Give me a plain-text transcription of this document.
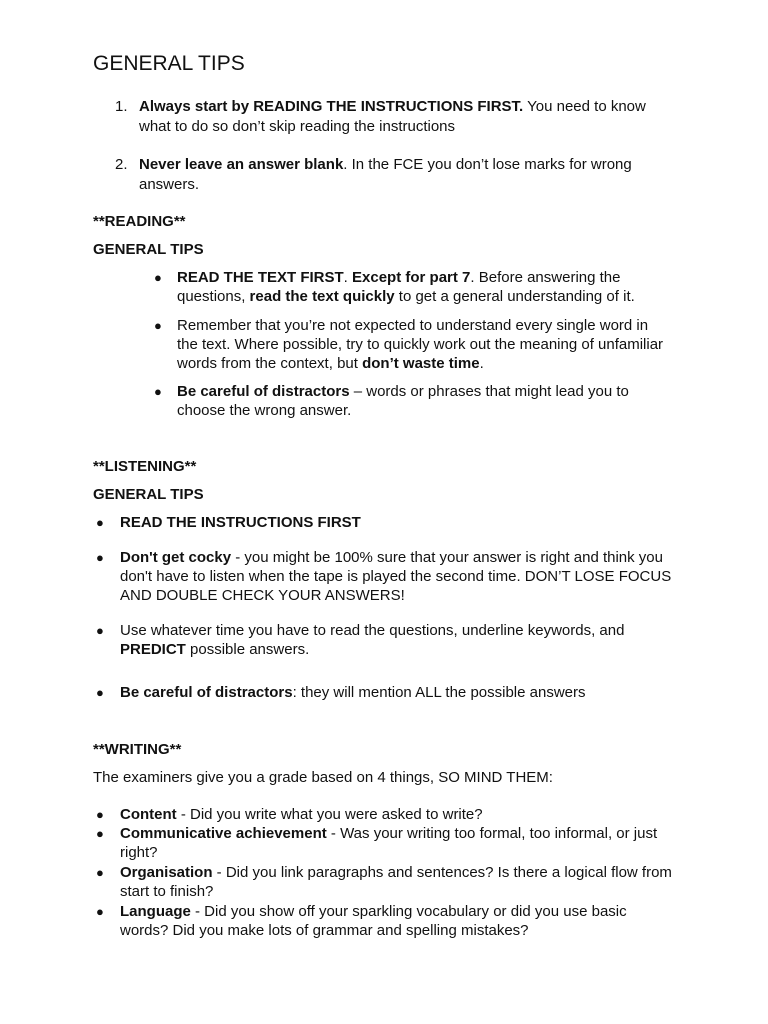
GENERAL TIPS
1. Always start by READING THE INSTRUCTIONS FIRST. You need to know what to do so don’t skip reading the instructions
2. Never leave an answer blank. In the FCE you don’t lose marks for wrong answers.
**READING**
GENERAL TIPS
● READ THE TEXT FIRST. Except for part 7. Before answering the questions, read the text quickly to get a general understanding of it.
● Remember that you’re not expected to understand every single word in the text. Where possible, try to quickly work out the meaning of unfamiliar words from the context, but don’t waste time.
● Be careful of distractors – words or phrases that might lead you to choose the wrong answer.
**LISTENING**
GENERAL TIPS
● READ THE INSTRUCTIONS FIRST
● Don't get cocky - you might be 100% sure that your answer is right and think you don't have to listen when the tape is played the second time. DON’T LOSE FOCUS AND DOUBLE CHECK YOUR ANSWERS!
● Use whatever time you have to read the questions, underline keywords, and PREDICT possible answers.
● Be careful of distractors: they will mention ALL the possible answers
**WRITING**
The examiners give you a grade based on 4 things, SO MIND THEM:
● Content - Did you write what you were asked to write?
● Communicative achievement - Was your writing too formal, too informal, or just right?
● Organisation - Did you link paragraphs and sentences? Is there a logical flow from start to finish?
● Language - Did you show off your sparkling vocabulary or did you use basic words? Did you make lots of grammar and spelling mistakes?
